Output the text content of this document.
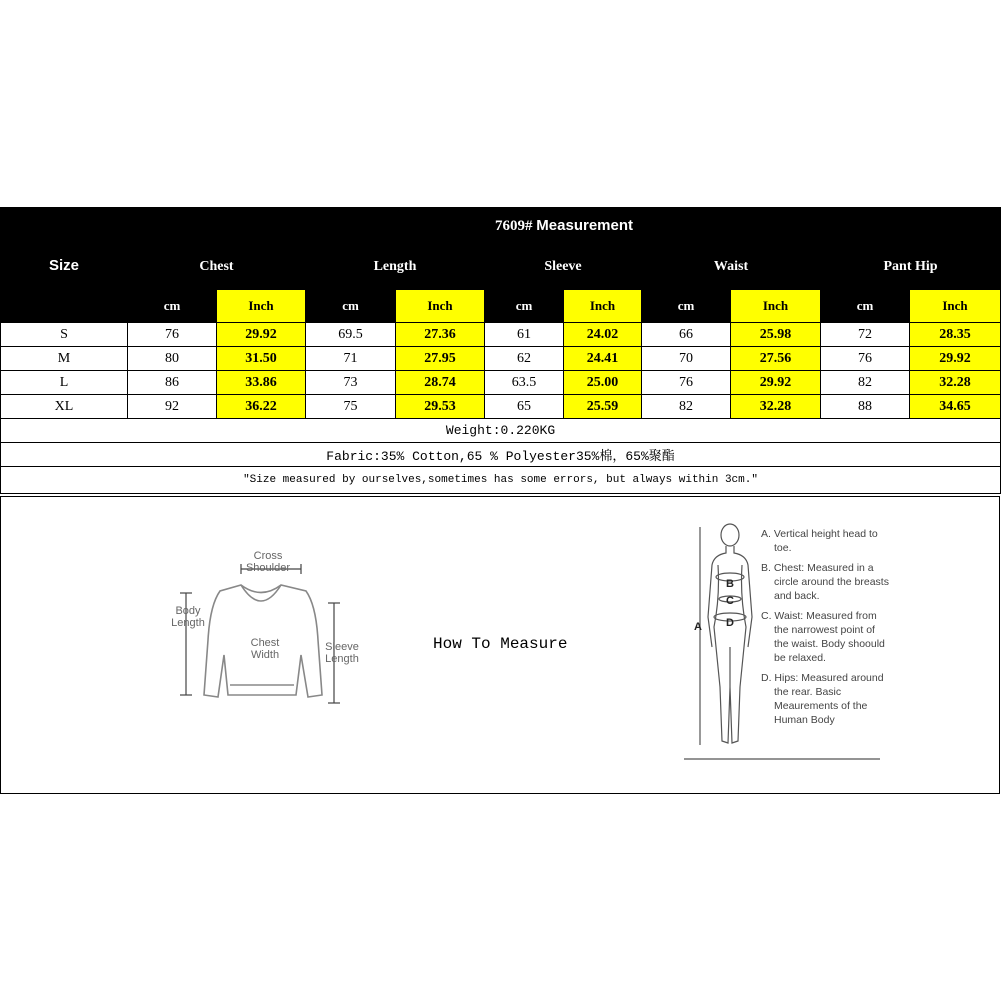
Size	7609# Measurement									
	Chest		Length		Sleeve		Waist		Pant Hip	
	cm	Inch	cm	Inch	cm	Inch	cm	Inch	cm	Inch
S	76	29.92	69.5	27.36	61	24.02	66	25.98	72	28.35
M	80	31.50	71	27.95	62	24.41	70	27.56	76	29.92
L	86	33.86	73	28.74	63.5	25.00	76	29.92	82	32.28
XL	92	36.22	75	29.53	65	25.59	82	32.28	88	34.65
Weight:0.220KG										
Fabric:35% Cotton,65 % Polyester35%棉，65%聚酯										
"Size measured by ourselves,sometimes has some errors, but always within 3cm."										
Cross Shoulder
Body Length
Chest Width
Sleeve Length
How To Measure
A
B
C
D

A. Vertical height head to toe.

B. Chest: Measured in a circle around the breasts and back.

C. Waist: Measured from the narrowest point of the waist. Body shoould be relaxed.

D. Hips: Measured around the rear. Basic Meaurements of the Human Body
